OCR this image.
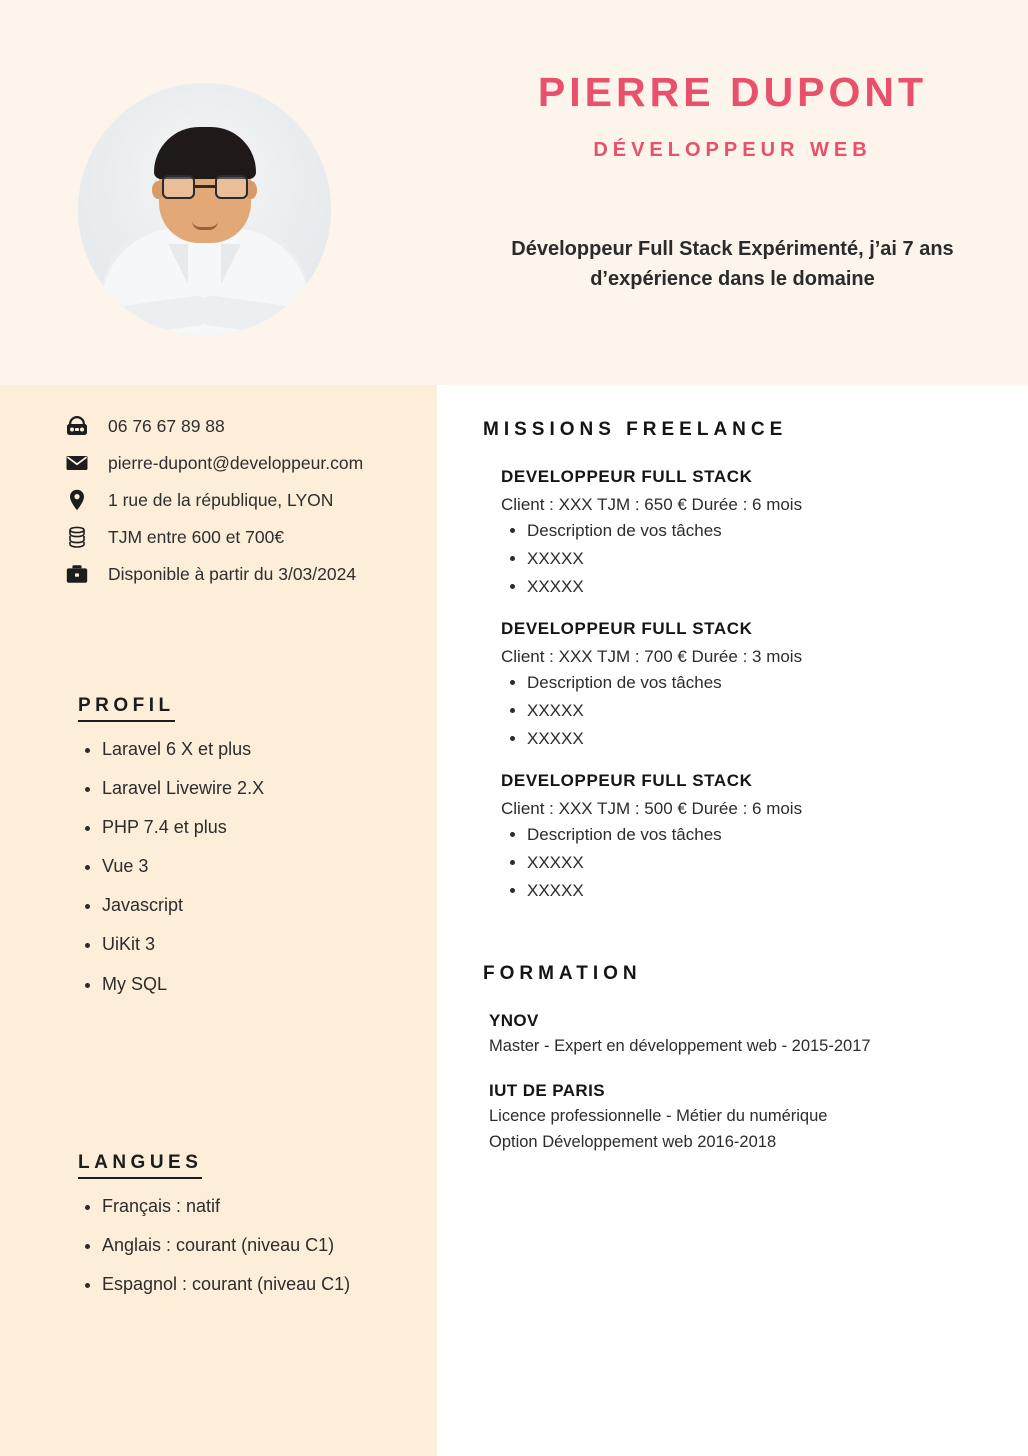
06 76 67 89 88
pierre-dupont@developpeur.com
1 rue de la république, LYON
TJM entre 600 et 700€
Disponible à partir du 3/03/2024
PROFIL
• Laravel 6 X et plus
• Laravel Livewire 2.X
• PHP 7.4 et plus
• Vue 3
• Javascript
• UiKit 3
• My SQL
LANGUES
• Français : natif
• Anglais : courant (niveau C1)
• Espagnol : courant (niveau C1)
PIERRE DUPONT
DÉVELOPPEUR WEB

Développeur Full Stack Expérimenté, j’ai 7 ans d’expérience dans le domaine

MISSIONS FREELANCE
DEVELOPPEUR FULL STACK

Client : XXX TJM : 650 € Durée : 6 mois

• Description de vos tâches
• XXXXX
• XXXXX
DEVELOPPEUR FULL STACK

Client : XXX TJM : 700 € Durée : 3 mois

• Description de vos tâches
• XXXXX
• XXXXX
DEVELOPPEUR FULL STACK

Client : XXX TJM : 500 € Durée : 6 mois

• Description de vos tâches
• XXXXX
• XXXXX
FORMATION
YNOV

Master - Expert en développement web - 2015-2017

IUT DE PARIS

Licence professionnelle - Métier du numérique

Option Développement web 2016-2018
